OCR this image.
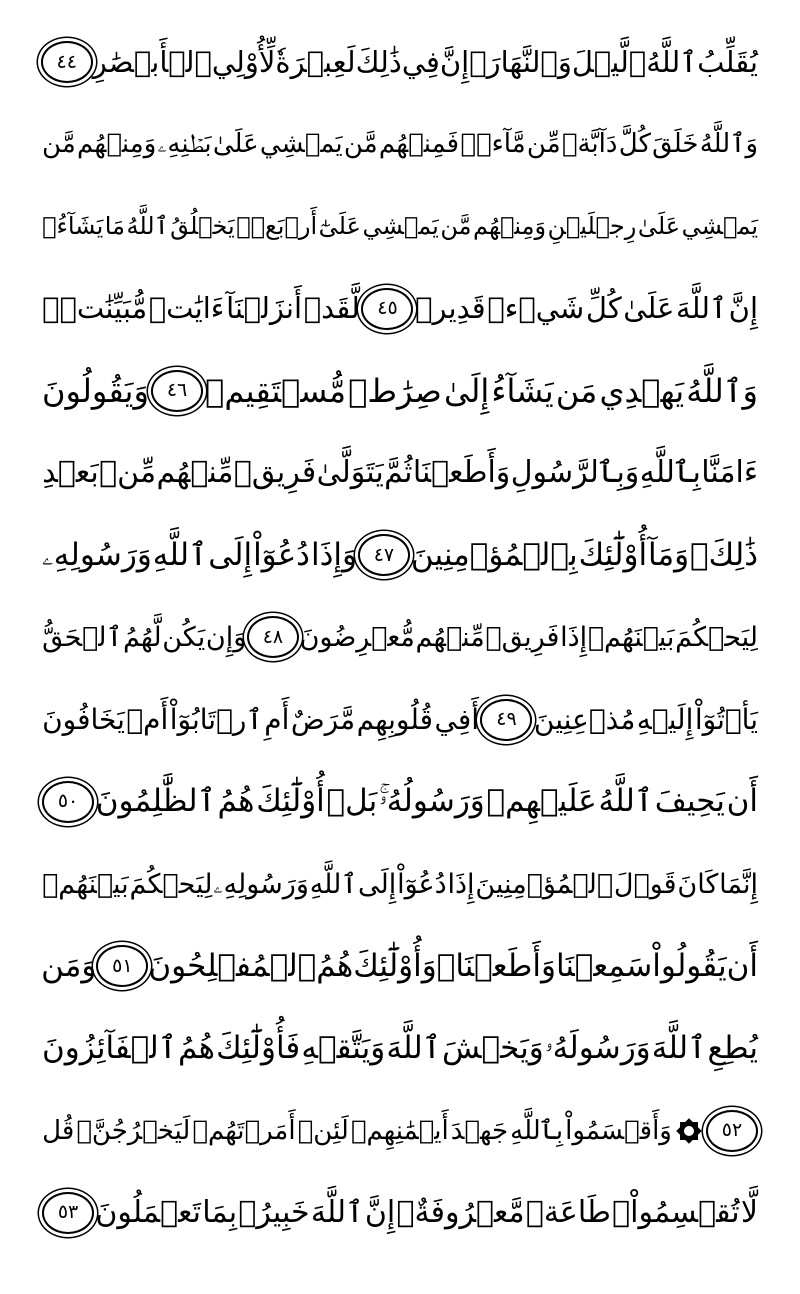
يُقَلِّبُ
ٱللَّهُ
ٱلَّيۡلَ
وَٱلنَّهَارَۚ
إِنَّ
فِي
ذَٰلِكَ
لَعِبۡرَةٗ
لِّأُوْلِي
ٱلۡأَبۡصَٰرِ
٤٤
وَٱللَّهُ
خَلَقَ
كُلَّ
دَآبَّةٖ
مِّن
مَّآءٖۖ
فَمِنۡهُم
مَّن
يَمۡشِي
عَلَىٰ
بَطۡنِهِۦ
وَمِنۡهُم
مَّن
يَمۡشِي
عَلَىٰ
رِجۡلَيۡنِ
وَمِنۡهُم
مَّن
يَمۡشِي
عَلَىٰٓ
أَرۡبَعٖۚ
يَخۡلُقُ
ٱللَّهُ
مَا
يَشَآءُۚ
إِنَّ
ٱللَّهَ
عَلَىٰ
كُلِّ
شَيۡءٖ
قَدِيرٞ
٤٥
لَّقَدۡ
أَنزَلۡنَآ
ءَايَٰتٖ
مُّبَيِّنَٰتٖۚ
وَٱللَّهُ
يَهۡدِي
مَن
يَشَآءُ
إِلَىٰ
صِرَٰطٖ
مُّسۡتَقِيمٖ
٤٦
وَيَقُولُونَ
ءَامَنَّا
بِٱللَّهِ
وَبِٱلرَّسُولِ
وَأَطَعۡنَا
ثُمَّ
يَتَوَلَّىٰ
فَرِيقٞ
مِّنۡهُم
مِّنۢ
بَعۡدِ
ذَٰلِكَۚ
وَمَآ
أُوْلَٰٓئِكَ
بِٱلۡمُؤۡمِنِينَ
٤٧
وَإِذَا
دُعُوٓاْ
إِلَى
ٱللَّهِ
وَرَسُولِهِۦ
لِيَحۡكُمَ
بَيۡنَهُمۡ
إِذَا
فَرِيقٞ
مِّنۡهُم
مُّعۡرِضُونَ
٤٨
وَإِن
يَكُن
لَّهُمُ
ٱلۡحَقُّ
يَأۡتُوٓاْ
إِلَيۡهِ
مُذۡعِنِينَ
٤٩
أَفِي
قُلُوبِهِم
مَّرَضٌ
أَمِ
ٱرۡتَابُوٓاْ
أَمۡ
يَخَافُونَ
أَن
يَحِيفَ
ٱللَّهُ
عَلَيۡهِمۡ
وَرَسُولُهُۥۚ
بَلۡ
أُوْلَٰٓئِكَ
هُمُ
ٱلظَّٰلِمُونَ
٥٠
إِنَّمَا
كَانَ
قَوۡلَ
ٱلۡمُؤۡمِنِينَ
إِذَا
دُعُوٓاْ
إِلَى
ٱللَّهِ
وَرَسُولِهِۦ
لِيَحۡكُمَ
بَيۡنَهُمۡ
أَن
يَقُولُواْ
سَمِعۡنَا
وَأَطَعۡنَاۚ
وَأُوْلَٰٓئِكَ
هُمُ
ٱلۡمُفۡلِحُونَ
٥١
وَمَن
يُطِعِ
ٱللَّهَ
وَرَسُولَهُۥ
وَيَخۡشَ
ٱللَّهَ
وَيَتَّقۡهِ
فَأُوْلَٰٓئِكَ
هُمُ
ٱلۡفَآئِزُونَ
٥٢
وَأَقۡسَمُواْ
بِٱللَّهِ
جَهۡدَ
أَيۡمَٰنِهِمۡ
لَئِنۡ
أَمَرۡتَهُمۡ
لَيَخۡرُجُنَّۖ
قُل
لَّا
تُقۡسِمُواْۖ
طَاعَةٞ
مَّعۡرُوفَةٌۚ
إِنَّ
ٱللَّهَ
خَبِيرُۢ
بِمَا
تَعۡمَلُونَ
٥٣
